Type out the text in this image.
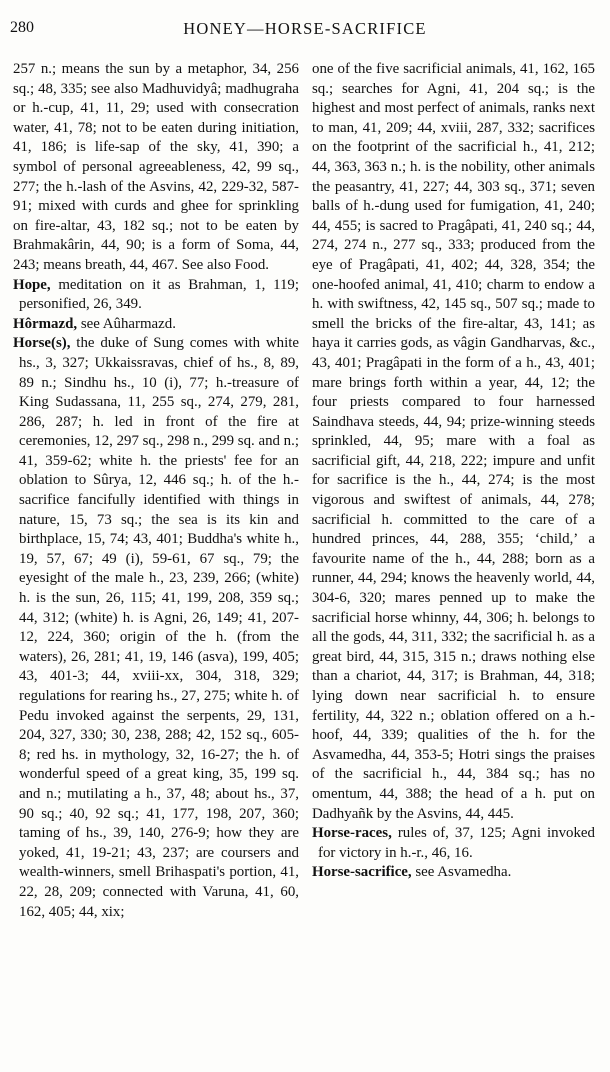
280	HONEY—HORSE-SACRIFICE

257 n.; means the sun by a metaphor, 34, 256 sq.; 48, 335; see also Madhuvidyâ; madhugraha or h.-cup, 41, 11, 29; used with consecration water, 41, 78; not to be eaten during initiation, 41, 186; is life-sap of the sky, 41, 390; a symbol of personal agreeableness, 42, 99 sq., 277; the h.-lash of the Asvins, 42, 229-32, 587-91; mixed with curds and ghee for sprinkling on fire-altar, 43, 182 sq.; not to be eaten by Brahmakârin, 44, 90; is a form of Soma, 44, 243; means breath, 44, 467. See also Food.

Hope, meditation on it as Brahman, 1, 119; personified, 26, 349.

Hôrmazd, see Aûharmazd.

Horse(s), the duke of Sung comes with white hs., 3, 327; Ukkaissravas, chief of hs., 8, 89, 89 n.; Sindhu hs., 10 (i), 77; h.-treasure of King Sudassana, 11, 255 sq., 274, 279, 281, 286, 287; h. led in front of the fire at ceremonies, 12, 297 sq., 298 n., 299 sq. and n.; 41, 359-62; white h. the priests' fee for an oblation to Sûrya, 12, 446 sq.; h. of the h.-sacrifice fancifully identified with things in nature, 15, 73 sq.; the sea is its kin and birthplace, 15, 74; 43, 401; Buddha's white h., 19, 57, 67; 49 (i), 59-61, 67 sq., 79; the eyesight of the male h., 23, 239, 266; (white) h. is the sun, 26, 115; 41, 199, 208, 359 sq.; 44, 312; (white) h. is Agni, 26, 149; 41, 207-12, 224, 360; origin of the h. (from the waters), 26, 281; 41, 19, 146 (asva), 199, 405; 43, 401-3; 44, xviii-xx, 304, 318, 329; regulations for rearing hs., 27, 275; white h. of Pedu invoked against the serpents, 29, 131, 204, 327, 330; 30, 238, 288; 42, 152 sq., 605-8; red hs. in mythology, 32, 16-27; the h. of wonderful speed of a great king, 35, 199 sq. and n.; mutilating a h., 37, 48; about hs., 37, 90 sq.; 40, 92 sq.; 41, 177, 198, 207, 360; taming of hs., 39, 140, 276-9; how they are yoked, 41, 19-21; 43, 237; are coursers and wealth-winners, smell Brihaspati's portion, 41, 22, 28, 209; connected with Varuna, 41, 60, 162, 405; 44, xix;

one of the five sacrificial animals, 41, 162, 165 sq.; searches for Agni, 41, 204 sq.; is the highest and most perfect of animals, ranks next to man, 41, 209; 44, xviii, 287, 332; sacrifices on the footprint of the sacrificial h., 41, 212; 44, 363, 363 n.; h. is the nobility, other animals the peasantry, 41, 227; 44, 303 sq., 371; seven balls of h.-dung used for fumigation, 41, 240; 44, 455; is sacred to Pragâpati, 41, 240 sq.; 44, 274, 274 n., 277 sq., 333; produced from the eye of Pragâpati, 41, 402; 44, 328, 354; the one-hoofed animal, 41, 410; charm to endow a h. with swiftness, 42, 145 sq., 507 sq.; made to smell the bricks of the fire-altar, 43, 141; as haya it carries gods, as vâgin Gandharvas, &c., 43, 401; Pragâpati in the form of a h., 43, 401; mare brings forth within a year, 44, 12; the four priests compared to four harnessed Saindhava steeds, 44, 94; prize-winning steeds sprinkled, 44, 95; mare with a foal as sacrificial gift, 44, 218, 222; impure and unfit for sacrifice is the h., 44, 274; is the most vigorous and swiftest of animals, 44, 278; sacrificial h. committed to the care of a hundred princes, 44, 288, 355; ‘child,’ a favourite name of the h., 44, 288; born as a runner, 44, 294; knows the heavenly world, 44, 304-6, 320; mares penned up to make the sacrificial horse whinny, 44, 306; h. belongs to all the gods, 44, 311, 332; the sacrificial h. as a great bird, 44, 315, 315 n.; draws nothing else than a chariot, 44, 317; is Brahman, 44, 318; lying down near sacrificial h. to ensure fertility, 44, 322 n.; oblation offered on a h.-hoof, 44, 339; qualities of the h. for the Asvamedha, 44, 353-5; Hotri sings the praises of the sacrificial h., 44, 384 sq.; has no omentum, 44, 388; the head of a h. put on Dadhyañk by the Asvins, 44, 445.

Horse-races, rules of, 37, 125; Agni invoked for victory in h.-r., 46, 16.

Horse-sacrifice, see Asvamedha.
